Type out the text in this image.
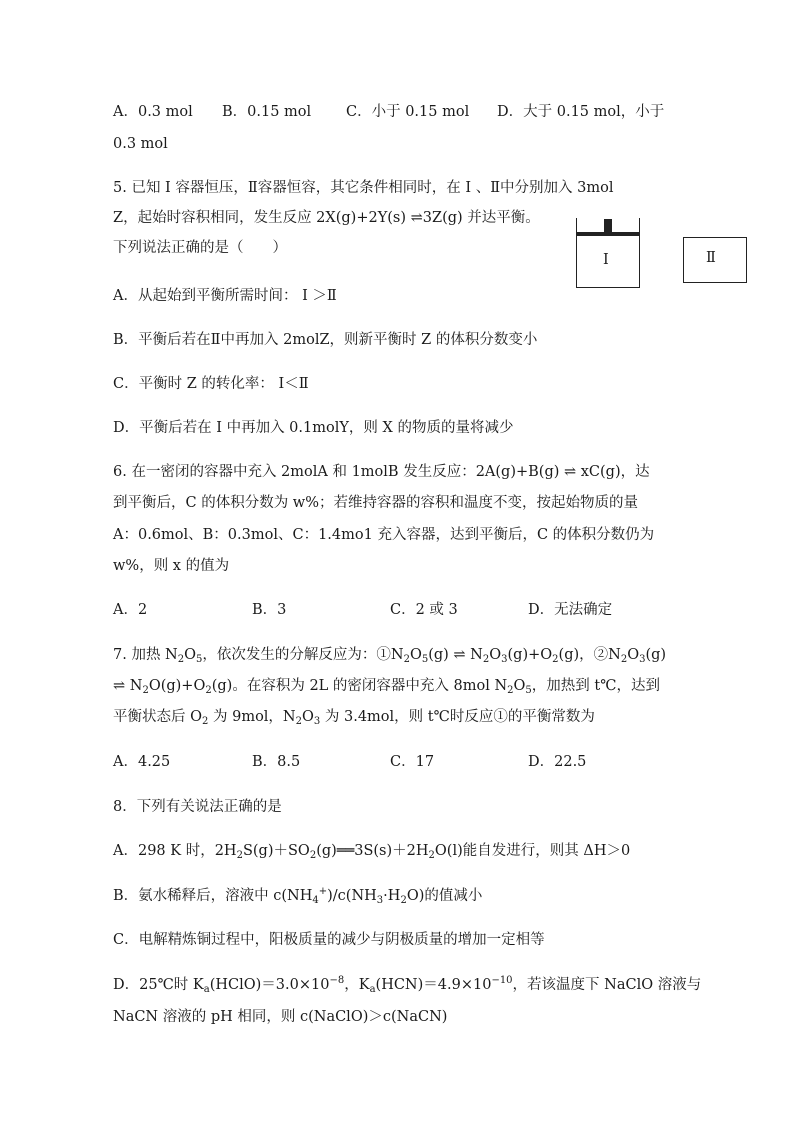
A．0.3 mol B．0.15 mol C．小于 0.15 mol D．大于 0.15 mol，小于
0.3 mol
5. 已知 I 容器恒压，Ⅱ容器恒容，其它条件相同时，在 I 、Ⅱ中分别加入 3mol
Z，起始时容积相同，发生反应 2X(g)+2Y(s) ⇌3Z(g) 并达平衡。
下列说法正确的是（　　）
I	Ⅱ
A．从起始到平衡所需时间： I ＞Ⅱ
B．平衡后若在Ⅱ中再加入 2molZ，则新平衡时 Z 的体积分数变小
C．平衡时 Z 的转化率： I＜Ⅱ
D．平衡后若在 I 中再加入 0.1molY，则 X 的物质的量将减少
6. 在一密闭的容器中充入 2molA 和 1molB 发生反应：2A(g)+B(g) ⇌ xC(g)，达
到平衡后，C 的体积分数为 w%；若维持容器的容积和温度不变，按起始物质的量
A：0.6mol、B：0.3mol、C：1.4mo1 充入容器，达到平衡后，C 的体积分数仍为
w%，则 x 的值为
A．2	B．3	C．2 或 3	D．无法确定
7. 加热 $N_2O_5$，依次发生的分解反应为：$①N_2O_5(g)$ ⇌ $N_2O_3(g)+O_2(g)$，$②N_2O_3(g)$
⇌ $N_2O(g)+O_2(g)$。在容积为 2L 的密闭容器中充入 8mol $N_2O_5$，加热到 t℃，达到
平衡状态后 $O_2$ 为 9mol，$N_2O_3$ 为 3.4mol，则 t℃时反应①的平衡常数为
A．4.25	B．8.5	C．17	D．22.5
8．下列有关说法正确的是
A．298 K 时，$2H_2S(g)+SO_2(g)══3S(s)+2H_2O(l)$能自发进行，则其 ΔH＞0
B．氨水稀释后，溶液中 $c(NH_4^+)/c(NH_3\cdot H_2O)$的值减小
C．电解精炼铜过程中，阳极质量的减少与阴极质量的增加一定相等
D．25℃时 $K_a(HClO)=3.0\times 10^{-8}$，$K_a(HCN)=4.9\times 10^{-10}$，若该温度下 NaClO 溶液与
NaCN 溶液的 pH 相同，则 c(NaClO)＞c(NaCN)
